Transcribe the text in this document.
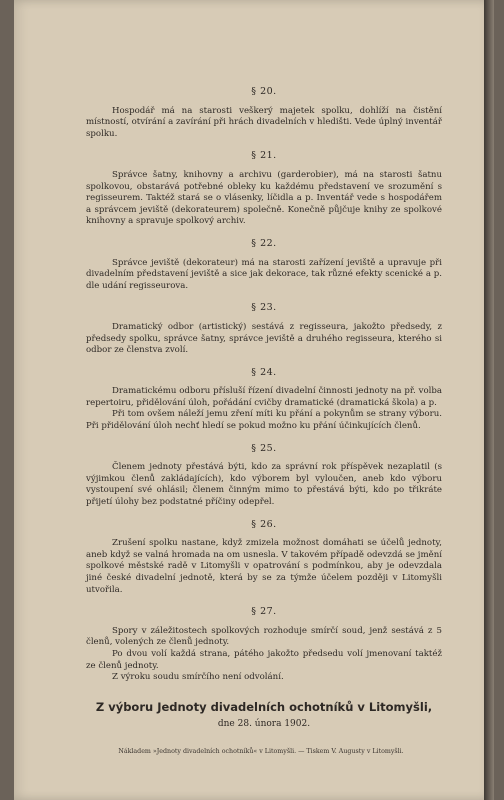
§ 20.
Hospodář má na starosti veškerý majetek spolku, dohlíží na čistění místností, otvírání a zavírání při hrách divadelních v hledišti. Vede úplný inventář spolku.
§ 21.
Správce šatny, knihovny a archivu (garderobier), má na starosti šatnu spolkovou, obstarává potřebné obleky ku každému představení ve srozumění s regisseurem. Taktéž stará se o vlásenky, líčidla a p. Inventář vede s hospodářem a správcem jeviště (dekorateurem) společně. Konečně půjčuje knihy ze spolkové knihovny a spravuje spolkový archiv.
§ 22.
Správce jeviště (dekorateur) má na starosti zařízení jeviště a upravuje při divadelním představení jeviště a sice jak dekorace, tak různé efekty scenické a p. dle udání regisseurova.
§ 23.
Dramatický odbor (artistický) sestává z regisseura, jakožto předsedy, z předsedy spolku, správce šatny, správce jeviště a druhého regisseura, kterého si odbor ze členstva zvolí.
§ 24.
Dramatickému odboru přísluší řízení divadelní činnosti jednoty na př. volba repertoiru, přidělování úloh, pořádání cvičby dramatické (dramatická škola) a p.
Při tom ovšem náleží jemu zření míti ku přání a pokynům se strany výboru. Při přidělování úloh nechť hledí se pokud možno ku přání účinkujících členů.
§ 25.
Členem jednoty přestává býti, kdo za správní rok příspěvek nezaplatil (s výjimkou členů zakládajících), kdo výborem byl vyloučen, aneb kdo výboru vystoupení své ohlásil; členem činným mimo to přestává býti, kdo po třikráte přijetí úlohy bez podstatné příčiny odepřel.
§ 26.
Zrušení spolku nastane, když zmizela možnost domáhati se účelů jednoty, aneb když se valná hromada na om usnesla. V takovém případě odevzdá se jmění spolkové městské radě v Litomyšli v opatrování s podmínkou, aby je odevzdala jiné české divadelní jednotě, která by se za týmže účelem později v Litomyšli utvořila.
§ 27.
Spory v záležitostech spolkových rozhoduje smírčí soud, jenž sestává z 5 členů, volených ze členů jednoty.
Po dvou volí každá strana, pátého jakožto předsedu volí jmenovaní taktéž ze členů jednoty.
Z výroku soudu smírčího není odvolání.
Z výboru Jednoty divadelních ochotníků v Litomyšli,
dne 28. února 1902.
Nákladem »Jednoty divadelních ochotníků« v Litomyšli. — Tiskem V. Augusty v Litomyšli.
